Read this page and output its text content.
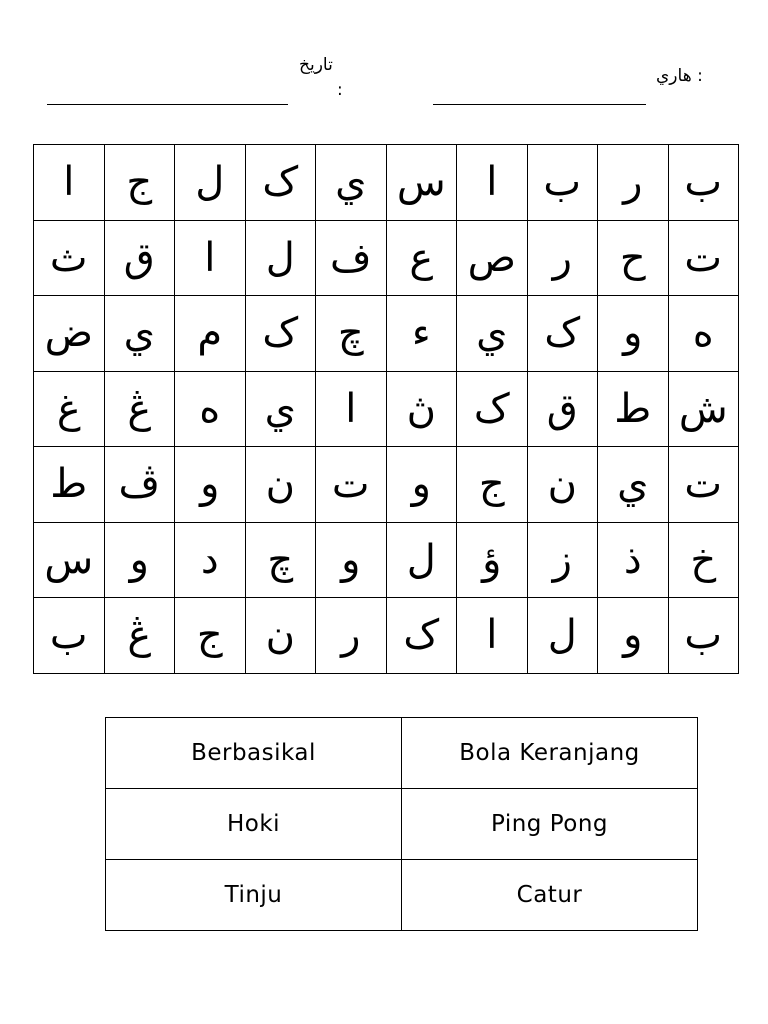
تاريخ
:
هاري :
ا	ج	ل	ک	ي	س	ا	ب	ر	ب
ث	ق	ا	ل	ف	ع	ص	ر	ح	ت
ض	ي	م	ک	چ	ء	ي	ک	و	ه
غ	ڠ	ه	ي	ا	ڽ	ک	ق	ط	ش
ط	ڤ	و	ن	ت	و	ج	ن	ي	ت
س	و	د	چ	و	ل	ؤ	ز	ذ	خ
ب	ڠ	ج	ن	ر	ک	ا	ل	و	ب
Berbasikal	Bola Keranjang
Hoki	Ping Pong
Tinju	Catur
